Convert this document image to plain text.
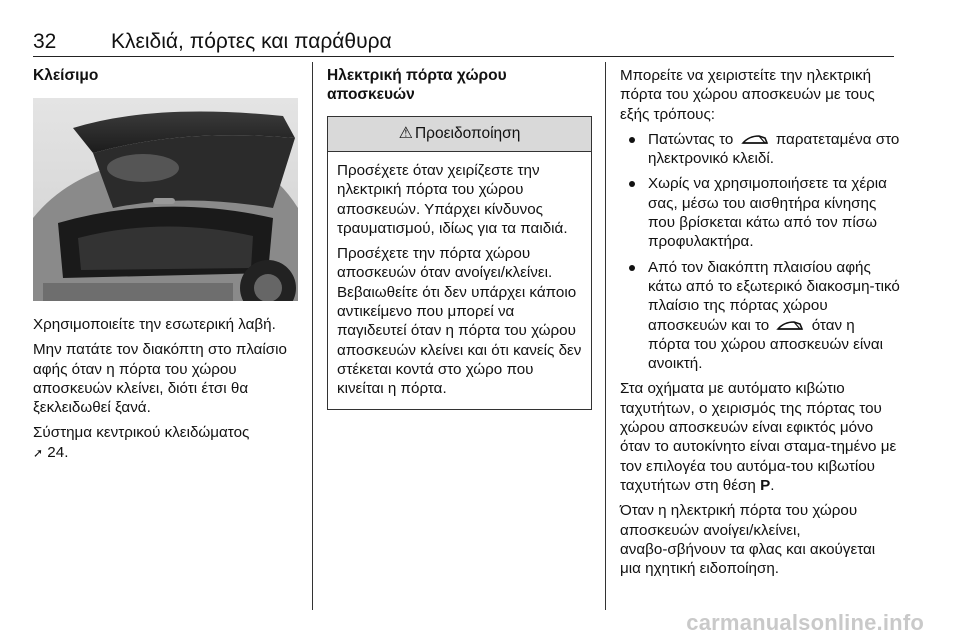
32	Κλειδιά, πόρτες και παράθυρα
Κλείσιμο

Χρησιμοποιείτε την εσωτερική λαβή.

Μην πατάτε τον διακόπτη στο πλαίσιο αφής όταν η πόρτα του χώρου αποσκευών κλείνει, διότι έτσι θα ξεκλειδωθεί ξανά.

Σύστημα κεντρικού κλειδώματος
➚ 24.

Ηλεκτρική πόρτα χώρου αποσκευών
⚠ Προειδοποίηση

Προσέχετε όταν χειρίζεστε την ηλεκτρική πόρτα του χώρου αποσκευών. Υπάρχει κίνδυνος τραυματισμού, ιδίως για τα παιδιά.

Προσέχετε την πόρτα χώρου αποσκευών όταν ανοίγει/κλείνει. Βεβαιωθείτε ότι δεν υπάρχει κάποιο αντικείμενο που μπορεί να παγιδευτεί όταν η πόρτα του χώρου αποσκευών κλείνει και ότι κανείς δεν στέκεται κοντά στο χώρο που κινείται η πόρτα.

Μπορείτε να χειριστείτε την ηλεκτρική πόρτα του χώρου αποσκευών με τους εξής τρόπους:

Πατώντας το	παρατεταμένα στο ηλεκτρονικό κλειδί.
Χωρίς να χρησιμοποιήσετε τα χέρια σας, μέσω του αισθητήρα κίνησης που βρίσκεται κάτω από τον πίσω προφυλακτήρα.
Από τον διακόπτη πλαισίου αφής κάτω από το εξωτερικό διακοσμη‑τικό πλαίσιο της πόρτας χώρου αποσκευών και το	όταν η πόρτα του χώρου αποσκευών είναι ανοικτή.

Στα οχήματα με αυτόματο κιβώτιο ταχυτήτων, ο χειρισμός της πόρτας του χώρου αποσκευών είναι εφικτός μόνο όταν το αυτοκίνητο είναι σταμα‑τημένο με τον επιλογέα του αυτόμα‑του κιβωτίου ταχυτήτων στη θέση P.

Όταν η ηλεκτρική πόρτα του χώρου αποσκευών ανοίγει/κλείνει, αναβο‑σβήνουν τα φλας και ακούγεται μια ηχητική ειδοποίηση.

carmanualsonline.info
